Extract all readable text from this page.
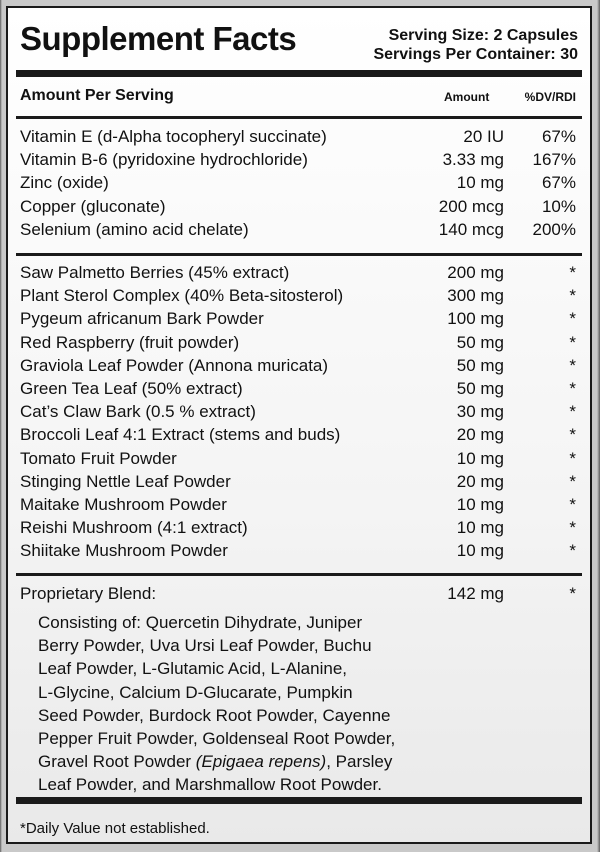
Supplement Facts	Serving Size: 2 Capsules
Servings Per Container: 30
Amount Per Serving	Amount	%DV/RDI
Vitamin E (d-Alpha tocopheryl succinate)	20 IU 67%
Vitamin B-6 (pyridoxine hydrochloride)	3.33 mg 167%
Zinc (oxide)	10 mg 67%
Copper (gluconate)	200 mcg 10%
Selenium (amino acid chelate)	140 mcg 200%
Saw Palmetto Berries (45% extract)	200 mg	*
Plant Sterol Complex (40% Beta-sitosterol)	300 mg	*
Pygeum africanum Bark Powder	100 mg	*
Red Raspberry (fruit powder)	50 mg	*
Graviola Leaf Powder (Annona muricata)	50 mg	*
Green Tea Leaf (50% extract)	50 mg	*
Cat’s Claw Bark (0.5 % extract)	30 mg	*
Broccoli Leaf 4:1 Extract (stems and buds)	20 mg	*
Tomato Fruit Powder	10 mg	*
Stinging Nettle Leaf Powder	20 mg	*
Maitake Mushroom Powder	10 mg	*
Reishi Mushroom (4:1 extract)	10 mg	*
Shiitake Mushroom Powder	10 mg	*
Proprietary Blend:	142 mg	*

Consisting of: Quercetin Dihydrate, Juniper

Berry Powder, Uva Ursi Leaf Powder, Buchu

Leaf Powder, L-Glutamic Acid, L-Alanine,

L-Glycine, Calcium D-Glucarate, Pumpkin

Seed Powder, Burdock Root Powder, Cayenne

Pepper Fruit Powder, Goldenseal Root Powder,

Gravel Root Powder (Epigaea repens), Parsley

Leaf Powder, and Marshmallow Root Powder.

*Daily Value not established.
